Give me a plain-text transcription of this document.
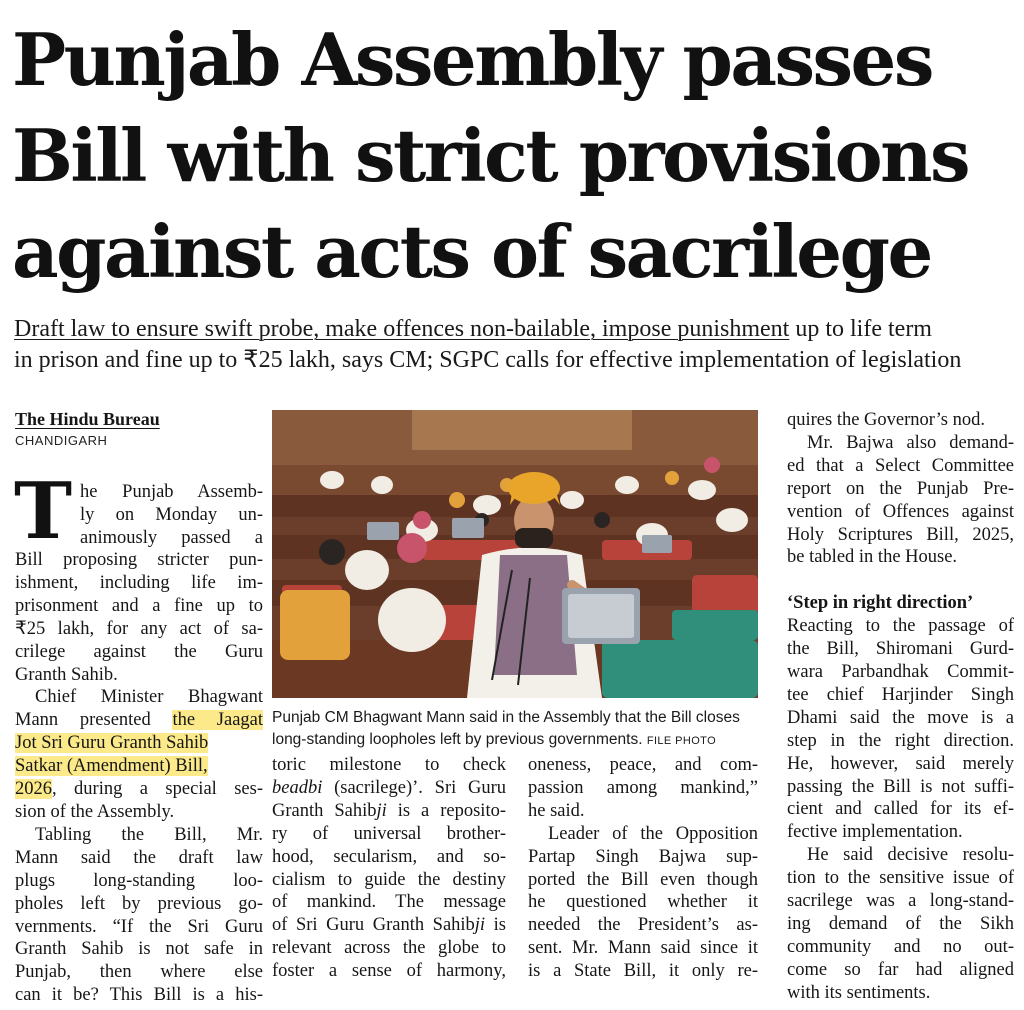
Punjab Assembly passes
Bill with strict provisions
against acts of sacrilege
Draft law to ensure swift probe, make offences non-bailable, impose punishment up to life term
in prison and fine up to ₹25 lakh, says CM; SGPC calls for effective implementation of legislation
The Hindu Bureau
CHANDIGARH
T he Punjab Assemb-
ly on Monday un-
animously passed a
Bill proposing stricter pun-
ishment, including life im-
prisonment and a fine up to
₹25 lakh, for any act of sa-
crilege against the Guru
Granth Sahib.
Chief Minister Bhagwant
Mann presented the Jaagat
Jot Sri Guru Granth Sahib
Satkar (Amendment) Bill,
2026, during a special ses-
sion of the Assembly.
Tabling the Bill, Mr.
Mann said the draft law
plugs long-standing loo-
pholes left by previous go-
vernments. “If the Sri Guru
Granth Sahib is not safe in
Punjab, then where else
can it be? This Bill is a his-
Punjab CM Bhagwant Mann said in the Assembly that the Bill closes
long-standing loopholes left by previous governments. FILE PHOTO
toric milestone to check
beadbi (sacrilege)’. Sri Guru
Granth Sahibji is a reposito-
ry of universal brother-
hood, secularism, and so-
cialism to guide the destiny
of mankind. The message
of Sri Guru Granth Sahibji is
relevant across the globe to
foster a sense of harmony,
oneness, peace, and com-
passion among mankind,”
he said.
Leader of the Opposition
Partap Singh Bajwa sup-
ported the Bill even though
he questioned whether it
needed the President’s as-
sent. Mr. Mann said since it
is a State Bill, it only re-
quires the Governor’s nod.
Mr. Bajwa also demand-
ed that a Select Committee
report on the Punjab Pre-
vention of Offences against
Holy Scriptures Bill, 2025,
be tabled in the House.

‘Step in right direction’
Reacting to the passage of
the Bill, Shiromani Gurd-
wara Parbandhak Commit-
tee chief Harjinder Singh
Dhami said the move is a
step in the right direction.
He, however, said merely
passing the Bill is not suffi-
cient and called for its ef-
fective implementation.
He said decisive resolu-
tion to the sensitive issue of
sacrilege was a long-stand-
ing demand of the Sikh
community and no out-
come so far had aligned
with its sentiments.
